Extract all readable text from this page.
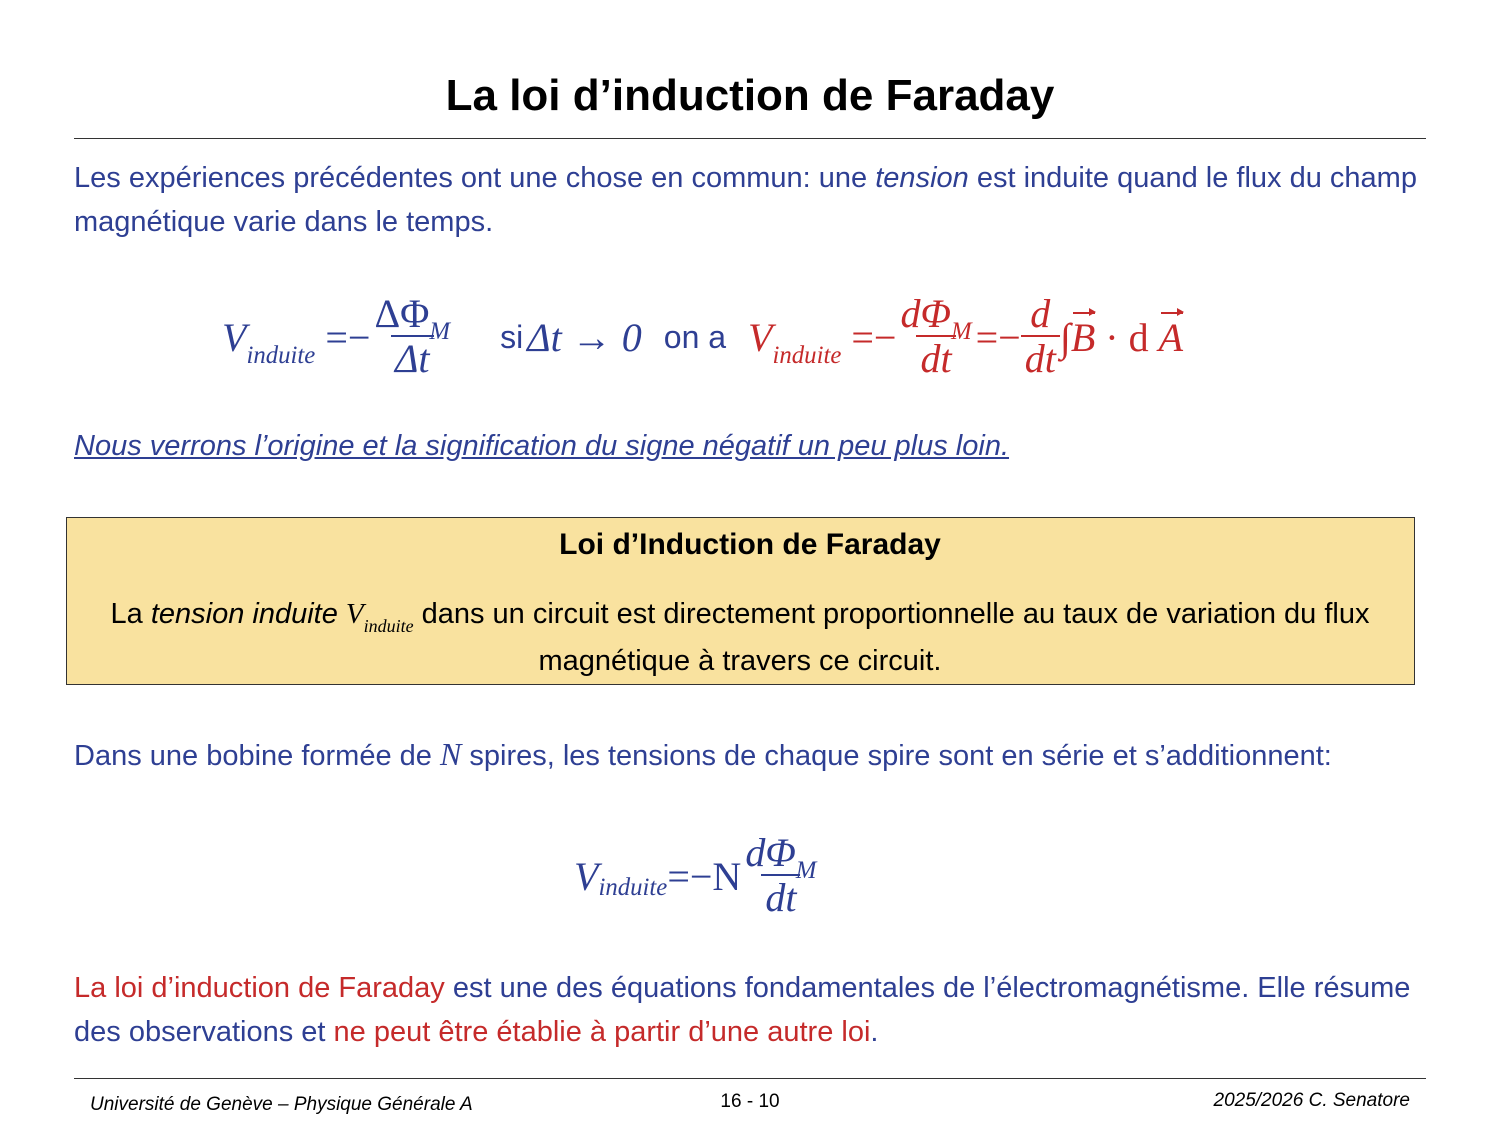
La loi d’induction de Faraday
Les expériences précédentes ont une chose en commun: une tension est induite quand le flux du champ magnétique varie dans le temps.
$V_{induite} =- \frac{\Delta\Phi_M}{\Delta t}$ si Δt → 0 on a $V_{induite} =- \frac{d\Phi_M}{dt} =- \frac{d}{dt} \int B \cdot d$ A
Nous verrons l’origine et la signification du signe négatif un peu plus loin.
Loi d’Induction de Faraday
La tension induite $V_{induite}$ dans un circuit est directement proportionnelle au taux de variation du flux magnétique à travers ce circuit.
Dans une bobine formée de N spires, les tensions de chaque spire sont en série et s’additionnent:
V induite $=-N \frac{d\Phi_M}{dt}$
La loi d’induction de Faraday est une des équations fondamentales de l’électromagnétisme. Elle résume des observations et ne peut être établie à partir d’une autre loi.
Université de Genève – Physique Générale A	16 - 10	2025/2026 C. Senatore
